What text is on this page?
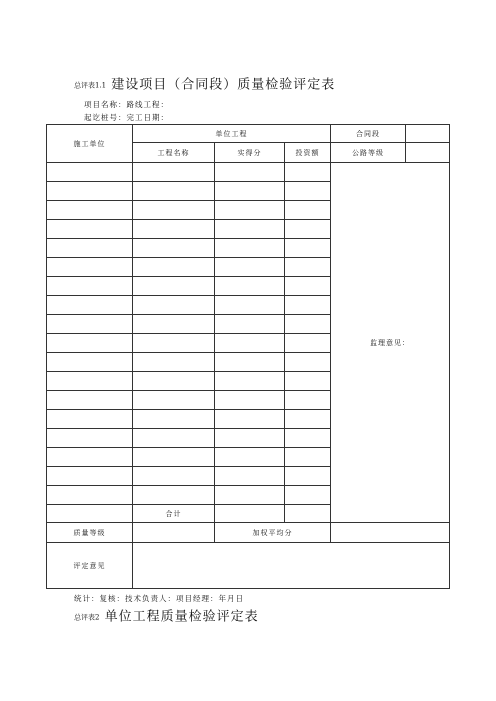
总评表1.1 建设项目（合同段）质量检验评定表
项目名称：路线工程：
起讫桩号：完工日期：
施工单位	单位工程			合同段	
	工程名称	实得分	投资额	公路等级	
				监理意见：	

	合计				
质量等级		加权平均分			
评定意见					
统计：复核：技术负责人：项目经理：年月日
总评表2 单位工程质量检验评定表
